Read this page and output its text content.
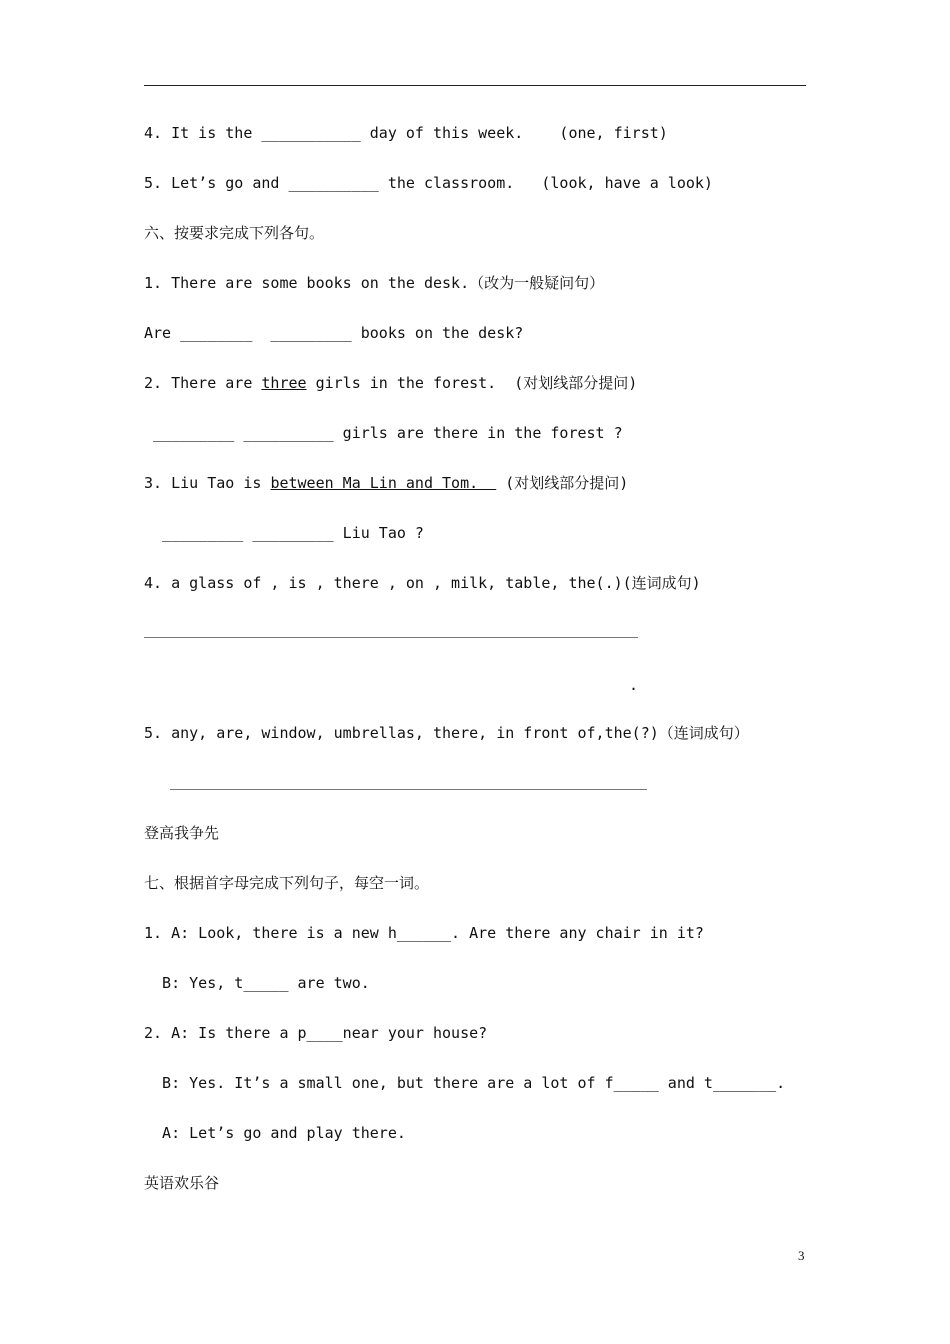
4. It is the ___________ day of this week.    (one, first)
5. Let’s go and __________ the classroom.   (look, have a look)
六、按要求完成下列各句。
1. There are some books on the desk.（改为一般疑问句）
Are ________  _________ books on the desk?
2. There are three girls in the forest.  (对划线部分提问)
_________ __________ girls are there in the forest ?
3. Liu Tao is between Ma Lin and Tom.   (对划线部分提问)
_________ _________ Liu Tao ?
4. a glass of , is , there , on , milk, table, the(.)(连词成句)
.
5. any, are, window, umbrellas, there, in front of,the(?)（连词成句）
登高我争先
七、根据首字母完成下列句子，每空一词。
1. A: Look, there is a new h______. Are there any chair in it?
B: Yes, t_____ are two.
2. A: Is there a p____near your house?
B: Yes. It’s a small one, but there are a lot of f_____ and t_______.
A: Let’s go and play there.
英语欢乐谷
3
